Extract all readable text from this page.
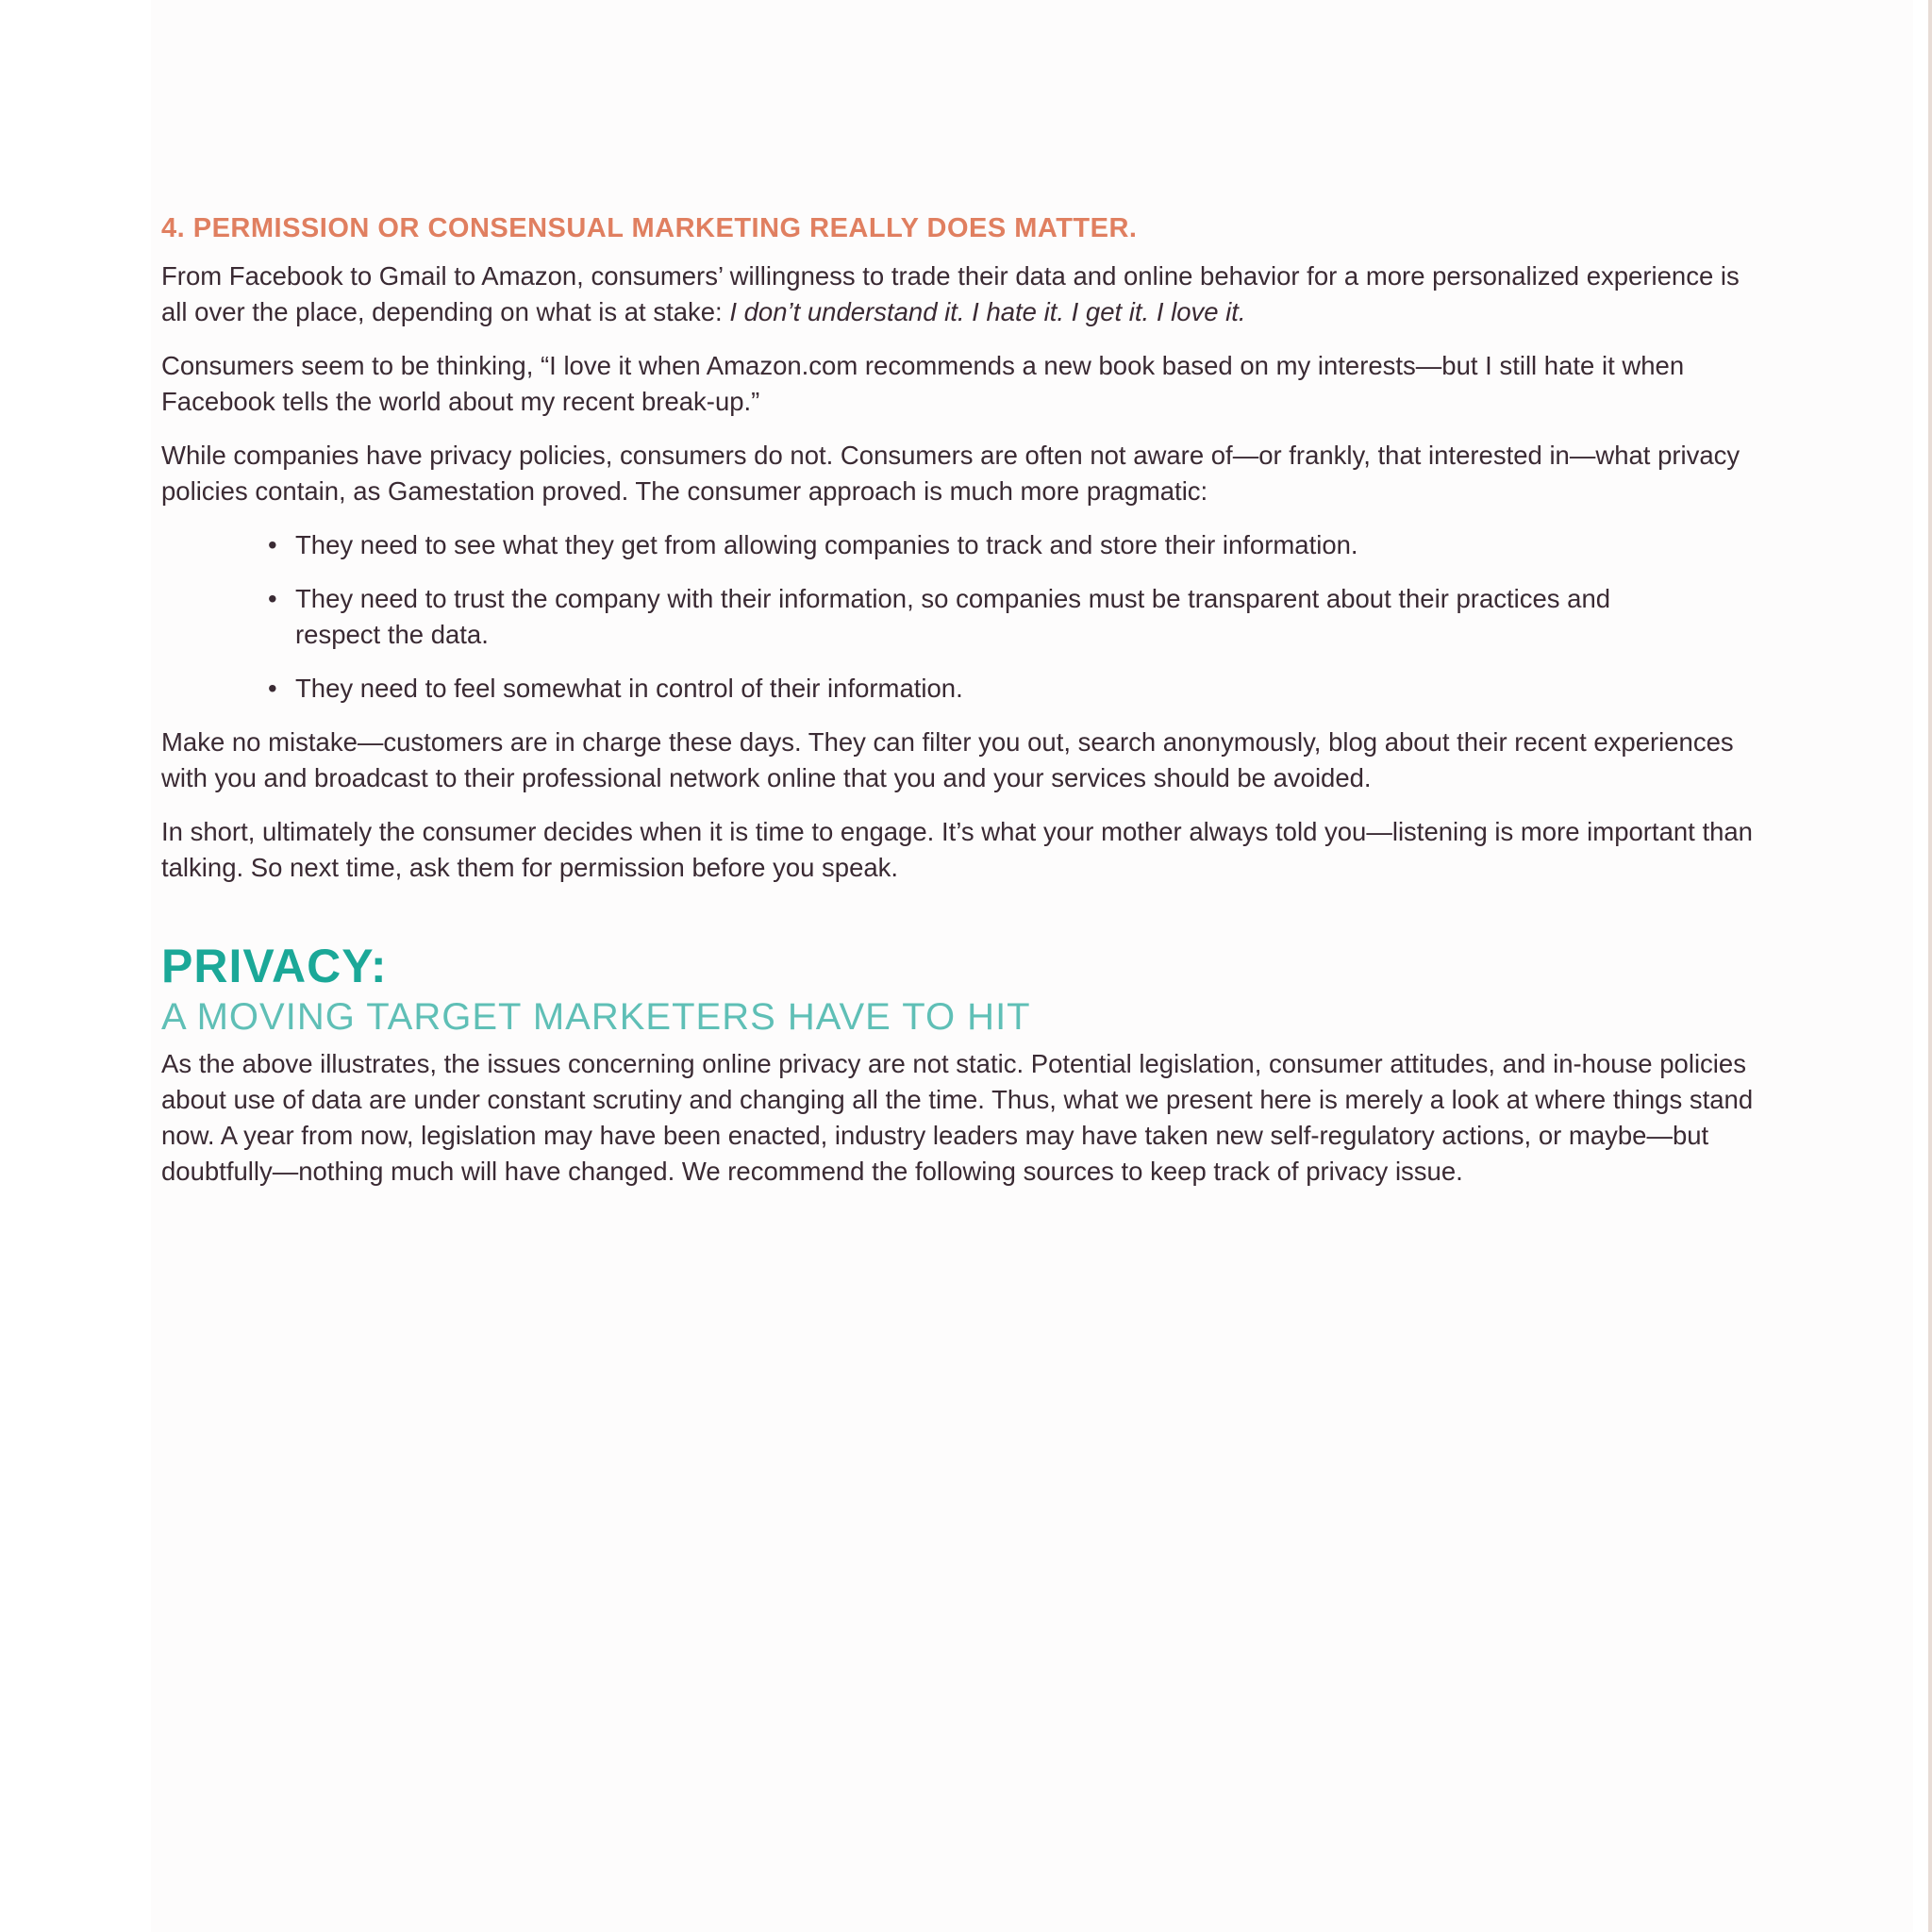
4. PERMISSION OR CONSENSUAL MARKETING REALLY DOES MATTER.

From Facebook to Gmail to Amazon, consumers’ willingness to trade their data and online behavior for a more personalized experience is all over the place, depending on what is at stake: I don’t understand it. I hate it. I get it. I love it.

Consumers seem to be thinking, “I love it when Amazon.com recommends a new book based on my interests—but I still hate it when Facebook tells the world about my recent break-up.”

While companies have privacy policies, consumers do not. Consumers are often not aware of—or frankly, that interested in—what privacy policies contain, as Gamestation proved. The consumer approach is much more pragmatic:

• They need to see what they get from allowing companies to track and store their information.
• They need to trust the company with their information, so companies must be transparent about their practices and respect the data.
• They need to feel somewhat in control of their information.

Make no mistake—customers are in charge these days. They can filter you out, search anonymously, blog about their recent experiences with you and broadcast to their professional network online that you and your services should be avoided.

In short, ultimately the consumer decides when it is time to engage. It’s what your mother always told you—listening is more important than talking. So next time, ask them for permission before you speak.

PRIVACY:
A MOVING TARGET MARKETERS HAVE TO HIT

As the above illustrates, the issues concerning online privacy are not static. Potential legislation, consumer attitudes, and in-house policies about use of data are under constant scrutiny and changing all the time. Thus, what we present here is merely a look at where things stand now. A year from now, legislation may have been enacted, industry leaders may have taken new self-regulatory actions, or maybe—but doubtfully—nothing much will have changed. We recommend the following sources to keep track of privacy issue.
